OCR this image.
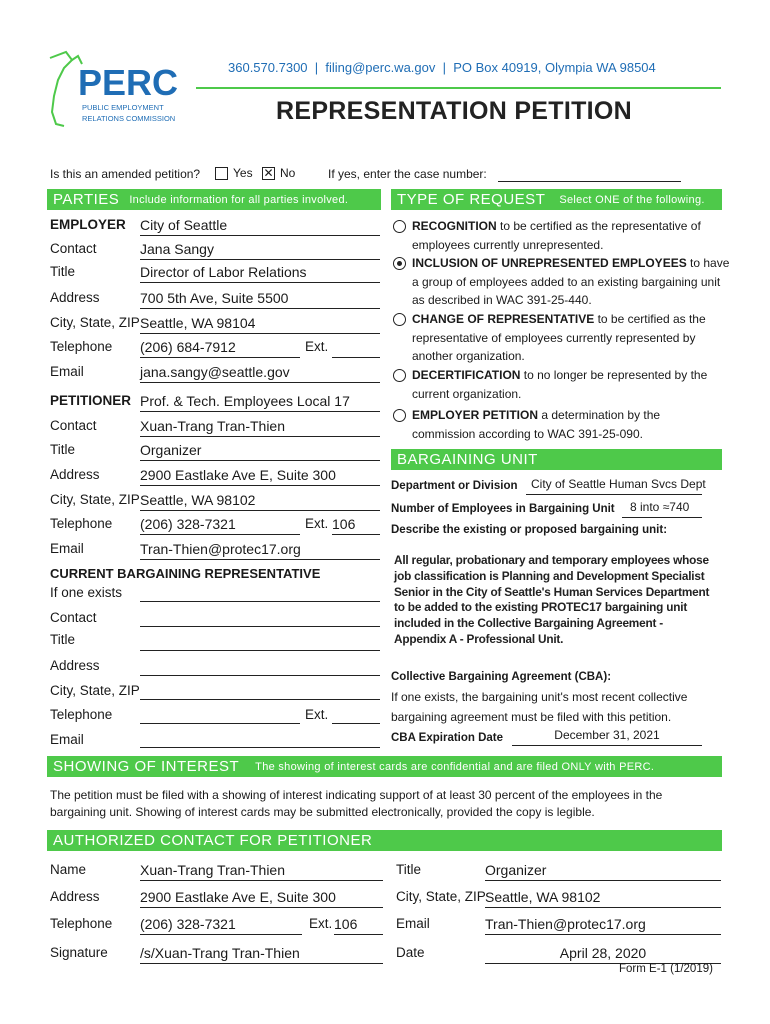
PERC
PUBLIC EMPLOYMENT
RELATIONS COMMISSION
360.570.7300  |  filing@perc.wa.gov  |  PO Box 40919, Olympia WA 98504
REPRESENTATION PETITION
Is this an amended petition?	Yes ✕ No	If yes, enter the case number:
PARTIES Include information for all parties involved.	TYPE OF REQUEST Select ONE of the following.
EMPLOYER City of Seattle
Contact	Jana Sangy
Title	Director of Labor Relations
Address	700 5th Ave, Suite 5500
City, State, ZIP Seattle, WA 98104
Telephone (206) 684-7912	Ext.
Email	jana.sangy@seattle.gov
PETITIONER Prof. & Tech. Employees Local 17
Contact	Xuan-Trang Tran-Thien
Title	Organizer
Address	2900 Eastlake Ave E, Suite 300
City, State, ZIP Seattle, WA 98102
Telephone (206) 328-7321	Ext. 106
Email	Tran-Thien@protec17.org
CURRENT BARGAINING REPRESENTATIVE
If one exists
Contact
Title
Address
City, State, ZIP
Telephone	Ext.
Email
RECOGNITION to be certified as the representative of employees currently unrepresented.
INCLUSION OF UNREPRESENTED EMPLOYEES to have a group of employees added to an existing bargaining unit as described in WAC 391-25-440.
CHANGE OF REPRESENTATIVE to be certified as the representative of employees currently represented by another organization.
DECERTIFICATION to no longer be represented by the current organization.
EMPLOYER PETITION a determination by the commission according to WAC 391-25-090.
BARGAINING UNIT
Department or Division	City of Seattle Human Svcs Dept
Number of Employees in Bargaining Unit	8 into ≈740
Describe the existing or proposed bargaining unit:
All regular, probationary and temporary employees whose job classification is Planning and Development Specialist Senior in the City of Seattle's Human Services Department to be added to the existing PROTEC17 bargaining unit included in the Collective Bargaining Agreement - Appendix A - Professional Unit.
Collective Bargaining Agreement (CBA):
If one exists, the bargaining unit's most recent collective
bargaining agreement must be filed with this petition.
CBA Expiration Date	December 31, 2021
SHOWING OF INTEREST The showing of interest cards are confidential and are filed ONLY with PERC.
The petition must be filed with a showing of interest indicating support of at least 30 percent of the employees in the
bargaining unit. Showing of interest cards may be submitted electronically, provided the copy is legible.
AUTHORIZED CONTACT FOR PETITIONER
Name	Xuan-Trang Tran-Thien	Title	Organizer
Address	2900 Eastlake Ave E, Suite 300	City, State, ZIP Seattle, WA 98102
Telephone (206) 328-7321	Ext. 106	Email	Tran-Thien@protec17.org
Signature /s/Xuan-Trang Tran-Thien	Date	April 28, 2020
Form E-1 (1/2019)
